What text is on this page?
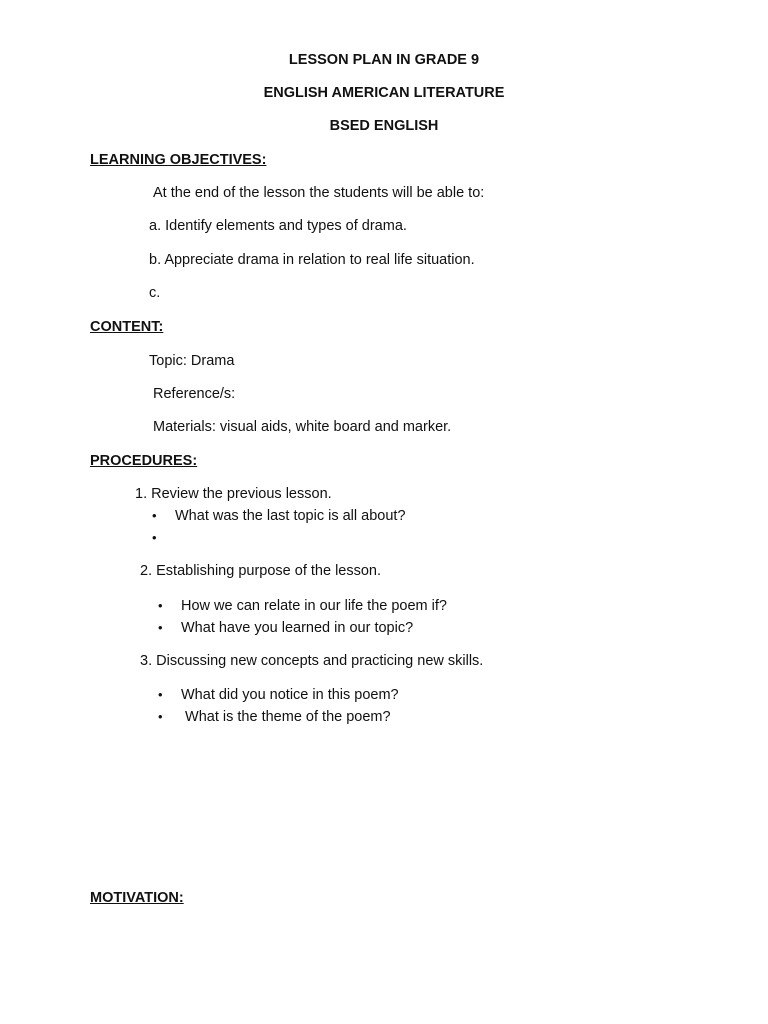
LESSON PLAN IN GRADE 9
ENGLISH AMERICAN LITERATURE
BSED ENGLISH
LEARNING OBJECTIVES:
At the end of the lesson the students will be able to:
a. Identify elements and types of drama.
b. Appreciate drama in relation to real life situation.
c.
CONTENT:
Topic: Drama
Reference/s:
Materials: visual aids, white board and marker.
PROCEDURES:
1. Review the previous lesson.
• What was the last topic is all about?
•
2. Establishing purpose of the lesson.
• How we can relate in our life the poem if?
• What have you learned in our topic?
3. Discussing new concepts and practicing new skills.
• What did you notice in this poem?
• What is the theme of the poem?
MOTIVATION:
